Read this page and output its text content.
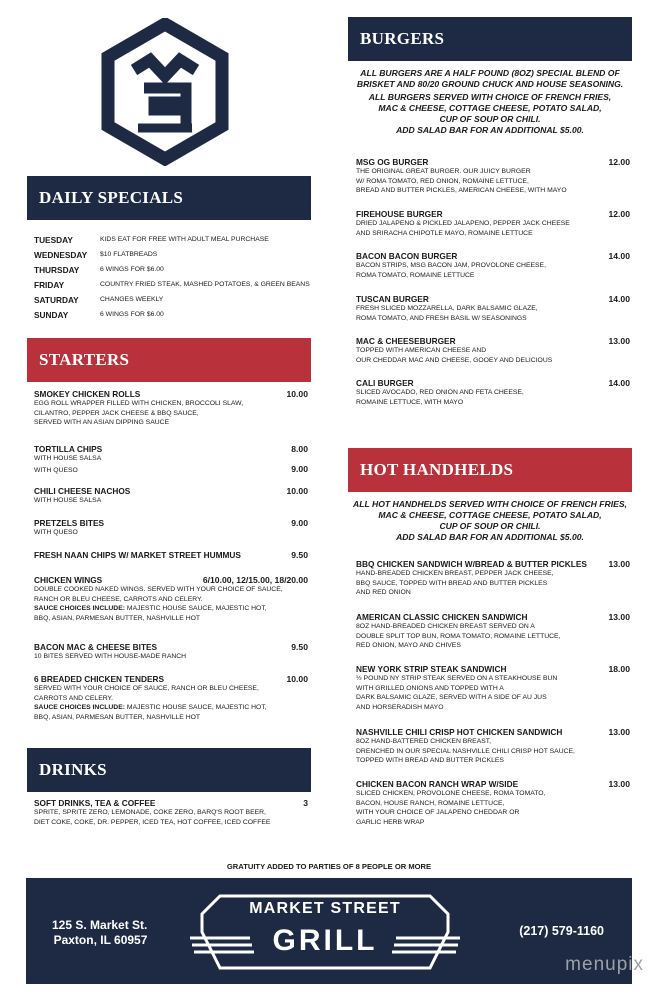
DAILY SPECIALS
TUESDAY	KIDS EAT FOR FREE WITH ADULT MEAL PURCHASE
WEDNESDAY	$10 FLATBREADS
THURSDAY	6 WINGS FOR $6.00
FRIDAY	COUNTRY FRIED STEAK, MASHED POTATOES, & GREEN BEANS
SATURDAY	CHANGES WEEKLY
SUNDAY	6 WINGS FOR $6.00
STARTERS
SMOKEY CHICKEN ROLLS	10.00
EGG ROLL WRAPPER FILLED WITH CHICKEN, BROCCOLI SLAW,
CILANTRO, PEPPER JACK CHEESE & BBQ SAUCE,
SERVED WITH AN ASIAN DIPPING SAUCE
TORTILLA CHIPS	8.00
WITH HOUSE SALSA
WITH QUESO	9.00
CHILI CHEESE NACHOS	10.00
WITH HOUSE SALSA
PRETZELS BITES	9.00
WITH QUESO
FRESH NAAN CHIPS W/ MARKET STREET HUMMUS	9.50
CHICKEN WINGS	6/10.00, 12/15.00, 18/20.00
DOUBLE COOKED NAKED WINGS. SERVED WITH YOUR CHOICE OF SAUCE,
RANCH OR BLEU CHEESE, CARROTS AND CELERY.
SAUCE CHOICES INCLUDE: MAJESTIC HOUSE SAUCE, MAJESTIC HOT,
BBQ, ASIAN, PARMESAN BUTTER, NASHVILLE HOT
BACON MAC & CHEESE BITES	9.50
10 BITES SERVED WITH HOUSE-MADE RANCH
6 BREADED CHICKEN TENDERS	10.00
SERVED WITH YOUR CHOICE OF SAUCE, RANCH OR BLEU CHEESE,
CARROTS AND CELERY.
SAUCE CHOICES INCLUDE: MAJESTIC HOUSE SAUCE, MAJESTIC HOT,
BBQ, ASIAN, PARMESAN BUTTER, NASHVILLE HOT
DRINKS
SOFT DRINKS, TEA & COFFEE	3
SPRITE, SPRITE ZERO, LEMONADE, COKE ZERO, BARQ'S ROOT BEER,
DIET COKE, COKE, DR. PEPPER, ICED TEA, HOT COFFEE, ICED COFFEE
BURGERS
ALL BURGERS ARE A HALF POUND (8OZ) SPECIAL BLEND OF

BRISKET AND 80/20 GROUND CHUCK AND HOUSE SEASONING.

ALL BURGERS SERVED WITH CHOICE OF FRENCH FRIES,
MAC & CHEESE, COTTAGE CHEESE, POTATO SALAD,
CUP OF SOUP OR CHILI.
ADD SALAD BAR FOR AN ADDITIONAL $5.00.
MSG OG BURGER	12.00
THE ORIGINAL GREAT BURGER. OUR JUICY BURGER
W/ ROMA TOMATO, RED ONION, ROMAINE LETTUCE,
BREAD AND BUTTER PICKLES, AMERICAN CHEESE, WITH MAYO
FIREHOUSE BURGER	12.00
DRIED JALAPENO & PICKLED JALAPENO, PEPPER JACK CHEESE
AND SRIRACHA CHIPOTLE MAYO, ROMAINE LETTUCE
BACON BACON BURGER	14.00
BACON STRIPS, MSG BACON JAM, PROVOLONE CHEESE,
ROMA TOMATO, ROMAINE LETTUCE
TUSCAN BURGER	14.00
FRESH SLICED MOZZARELLA, DARK BALSAMIC GLAZE,
ROMA TOMATO, AND FRESH BASIL W/ SEASONINGS
MAC & CHEESEBURGER	13.00
TOPPED WITH AMERICAN CHEESE AND
OUR CHEDDAR MAC AND CHEESE, GOOEY AND DELICIOUS
CALI BURGER	14.00
SLICED AVOCADO, RED ONION AND FETA CHEESE,
ROMAINE LETTUCE, WITH MAYO
HOT HANDHELDS
ALL HOT HANDHELDS SERVED WITH CHOICE OF FRENCH FRIES,
MAC & CHEESE, COTTAGE CHEESE, POTATO SALAD,
CUP OF SOUP OR CHILI.
ADD SALAD BAR FOR AN ADDITIONAL $5.00.
BBQ CHICKEN SANDWICH W/BREAD & BUTTER PICKLES	13.00
HAND-BREADED CHICKEN BREAST, PEPPER JACK CHEESE,
BBQ SAUCE, TOPPED WITH BREAD AND BUTTER PICKLES
AND RED ONION
AMERICAN CLASSIC CHICKEN SANDWICH	13.00
8OZ HAND-BREADED CHICKEN BREAST SERVED ON A
DOUBLE SPLIT TOP BUN, ROMA TOMATO, ROMAINE LETTUCE,
RED ONION, MAYO AND CHIVES
NEW YORK STRIP STEAK SANDWICH	18.00
½ POUND NY STRIP STEAK SERVED ON A STEAKHOUSE BUN
WITH GRILLED ONIONS AND TOPPED WITH A
DARK BALSAMIC GLAZE, SERVED WITH A SIDE OF AU JUS
AND HORSERADISH MAYO
NASHVILLE CHILI CRISP HOT CHICKEN SANDWICH	13.00
8OZ HAND-BATTERED CHICKEN BREAST,
DRENCHED IN OUR SPECIAL NASHVILLE CHILI CRISP HOT SAUCE,
TOPPED WITH BREAD AND BUTTER PICKLES
CHICKEN BACON RANCH WRAP W/SIDE	13.00
SLICED CHICKEN, PROVOLONE CHEESE, ROMA TOMATO,
BACON, HOUSE RANCH, ROMAINE LETTUCE,
WITH YOUR CHOICE OF JALAPENO CHEDDAR OR
GARLIC HERB WRAP
GRATUITY ADDED TO PARTIES OF 8 PEOPLE OR MORE
125 S. Market St.
Paxton, IL 60957
MARKET STREET
GRILL	(217) 579-1160
menupix
